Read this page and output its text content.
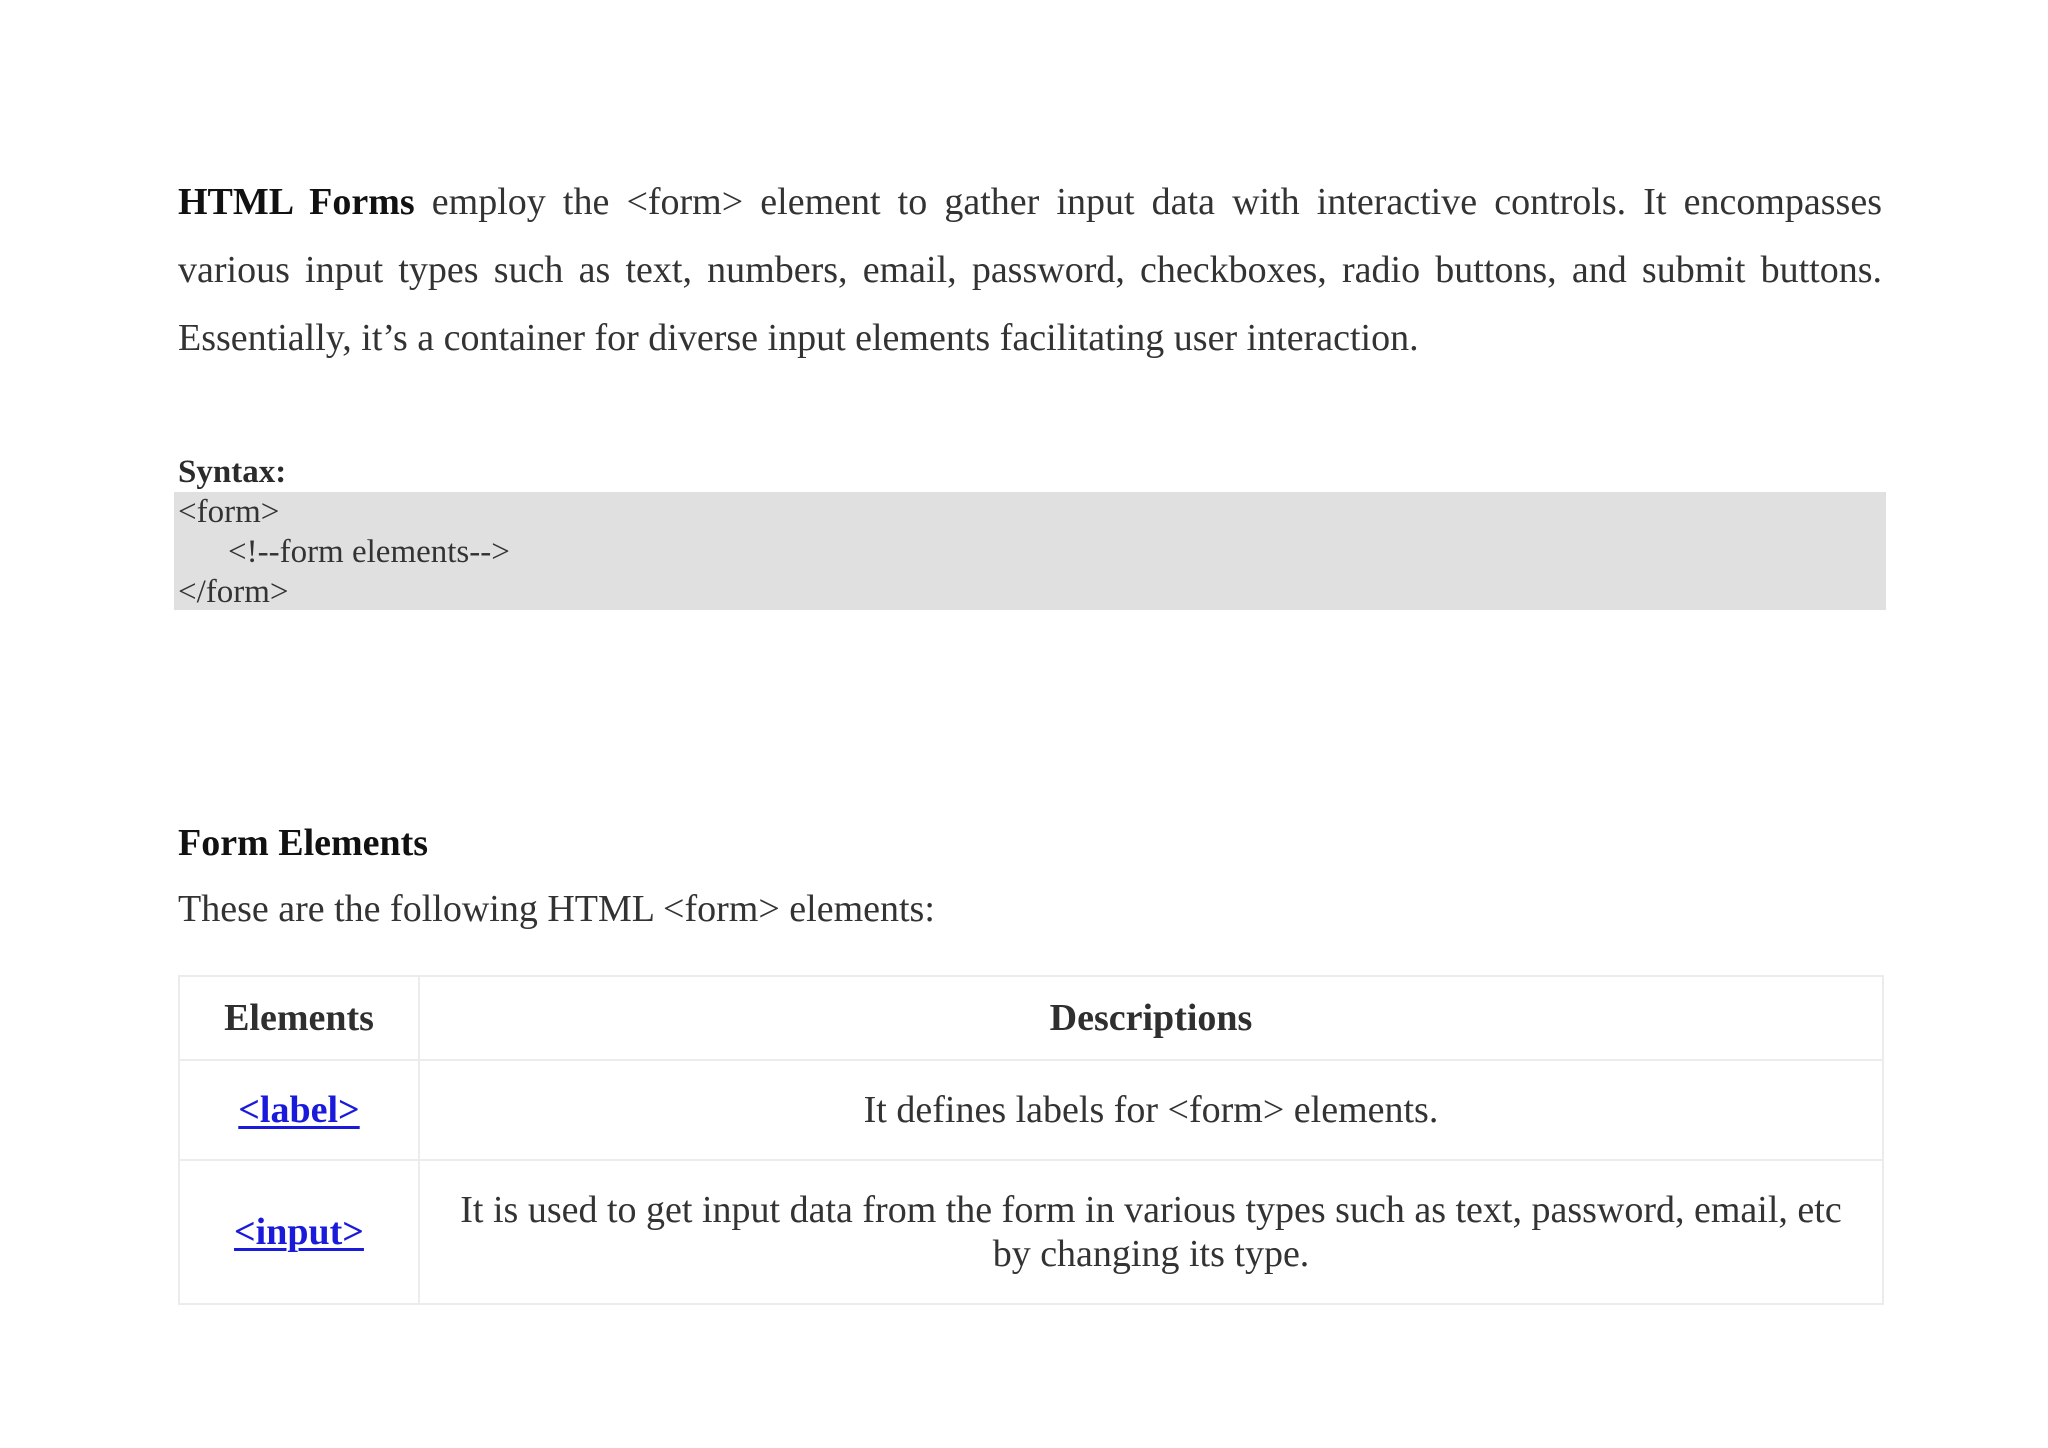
HTML Forms employ the <form> element to gather input data with interactive controls. It encompasses various input types such as text, numbers, email, password, checkboxes, radio buttons, and submit buttons. Essentially, it’s a container for diverse input elements facilitating user interaction.

Syntax:
<form>
<!--form elements-->
</form>
Form Elements

These are the following HTML <form> elements:

Elements	Descriptions
<label>	It defines labels for <form> elements.
<input>	It is used to get input data from the form in various types such as text, password, email, etc by changing its type.
